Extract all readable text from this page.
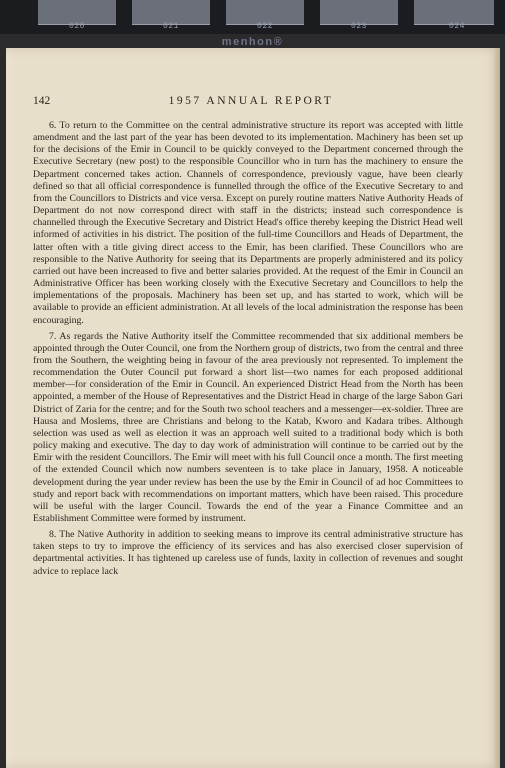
020	021	022	023	024
menhon®
1957 ANNUAL REPORT
142

6. To return to the Committee on the central administrative structure its report was accepted with little amendment and the last part of the year has been devoted to its implementation. Machinery has been set up for the decisions of the Emir in Council to be quickly conveyed to the Department concerned through the Executive Secretary (new post) to the responsible Councillor who in turn has the machinery to ensure the Department concerned takes action. Channels of correspondence, previously vague, have been clearly defined so that all official correspondence is funnelled through the office of the Executive Secretary to and from the Councillors to Districts and vice versa. Except on purely routine matters Native Authority Heads of Department do not now correspond direct with staff in the districts; instead such correspondence is channelled through the Executive Secretary and District Head's office thereby keeping the District Head well informed of activities in his district. The position of the full-time Councillors and Heads of Department, the latter often with a title giving direct access to the Emir, has been clarified. These Councillors who are responsible to the Native Authority for seeing that its Departments are properly administered and its policy carried out have been increased to five and better salaries provided. At the request of the Emir in Council an Administrative Officer has been working closely with the Executive Secretary and Councillors to help the implementations of the proposals. Machinery has been set up, and has started to work, which will be available to provide an efficient administration. At all levels of the local administration the response has been encouraging.

7. As regards the Native Authority itself the Committee recommended that six additional members be appointed through the Outer Council, one from the Northern group of districts, two from the central and three from the Southern, the weighting being in favour of the area previously not represented. To implement the recommendation the Outer Council put forward a short list—two names for each proposed additional member—for consideration of the Emir in Council. An experienced District Head from the North has been appointed, a member of the House of Representatives and the District Head in charge of the large Sabon Gari District of Zaria for the centre; and for the South two school teachers and a messenger—ex-soldier. Three are Hausa and Moslems, three are Christians and belong to the Katab, Kworo and Kadara tribes. Although selection was used as well as election it was an approach well suited to a traditional body which is both policy making and executive. The day to day work of administration will continue to be carried out by the Emir with the resident Councillors. The Emir will meet with his full Council once a month. The first meeting of the extended Council which now numbers seventeen is to take place in January, 1958. A noticeable development during the year under review has been the use by the Emir in Council of ad hoc Committees to study and report back with recommendations on important matters, which have been raised. This procedure will be useful with the larger Council. Towards the end of the year a Finance Committee and an Establishment Committee were formed by instrument.

8. The Native Authority in addition to seeking means to improve its central administrative structure has taken steps to try to improve the efficiency of its services and has also exercised closer supervision of departmental activities. It has tightened up careless use of funds, laxity in collection of revenues and sought advice to replace lack
